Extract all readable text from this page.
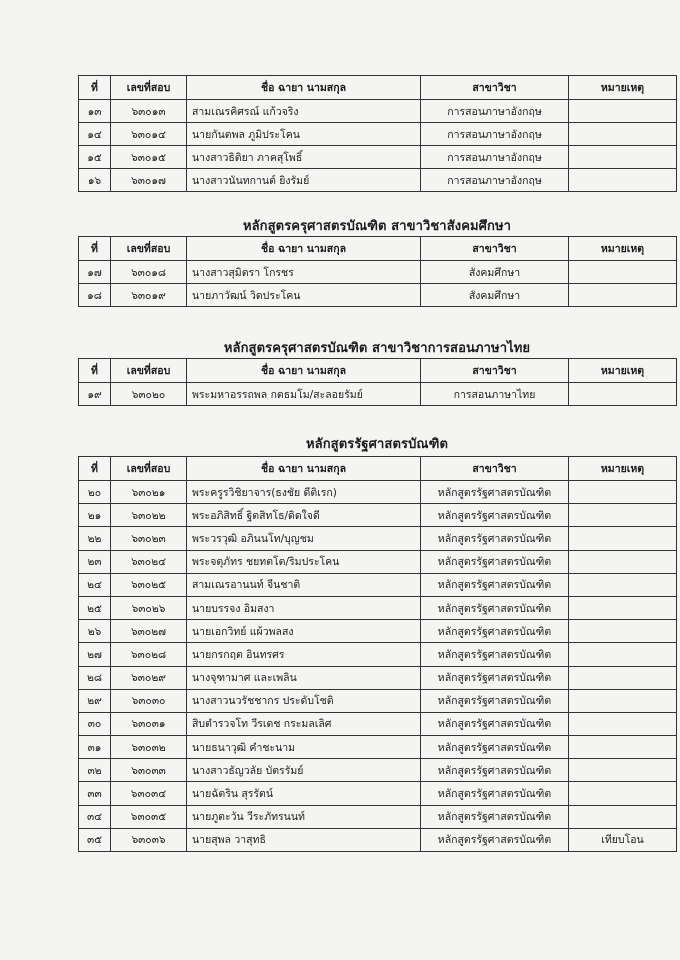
ที่	เลขที่สอบ	ชื่อ ฉายา นามสกุล	สาขาวิชา	หมายเหตุ
๑๓	๖๓๐๑๓	สามเณรคิศรณ์ แก้วจริง	การสอนภาษาอังกฤษ	
๑๔	๖๓๐๑๔	นายกันตพล ภูมิประโคน	การสอนภาษาอังกฤษ	
๑๕	๖๓๐๑๕	นางสาวธิติยา ภาคสุโพธิ์	การสอนภาษาอังกฤษ	
๑๖	๖๓๐๑๗	นางสาวนันทกานต์ ยิงรัมย์	การสอนภาษาอังกฤษ	
หลักสูตรครุศาสตรบัณฑิต สาขาวิชาสังคมศึกษา
ที่	เลขที่สอบ	ชื่อ ฉายา นามสกุล	สาขาวิชา	หมายเหตุ
๑๗	๖๓๐๑๘	นางสาวสุมิตรา โกรชร	สังคมศึกษา	
๑๘	๖๓๐๑๙	นายภาวัฒน์ วิดประโคน	สังคมศึกษา	
หลักสูตรครุศาสตรบัณฑิต สาขาวิชาการสอนภาษาไทย
ที่	เลขที่สอบ	ชื่อ ฉายา นามสกุล	สาขาวิชา	หมายเหตุ
๑๙	๖๓๐๒๐	พระมหาอรรถพล กตธมโม/สะลอยรัมย์	การสอนภาษาไทย	
หลักสูตรรัฐศาสตรบัณฑิต
ที่	เลขที่สอบ	ชื่อ ฉายา นามสกุล	สาขาวิชา	หมายเหตุ
๒๐	๖๓๐๒๑	พระครูรวิชิยาจาร(ธงชัย ดีติเรก)	หลักสูตรรัฐศาสตรบัณฑิต	
๒๑	๖๓๐๒๒	พระอภิสิทธิ์ ฐิตสิทโธ/ดิดใจดี	หลักสูตรรัฐศาสตรบัณฑิต	
๒๒	๖๓๐๒๓	พระวรวุฒิ อภินนโท/บุญชม	หลักสูตรรัฐศาสตรบัณฑิต	
๒๓	๖๓๐๒๔	พระจตุภัทร ชยทตโต/ริมประโคน	หลักสูตรรัฐศาสตรบัณฑิต	
๒๔	๖๓๐๒๕	สามเณรอานนท์ จีนชาติ	หลักสูตรรัฐศาสตรบัณฑิต	
๒๕	๖๓๐๒๖	นายบรรจง อิมสงา	หลักสูตรรัฐศาสตรบัณฑิต	
๒๖	๖๓๐๒๗	นายเอกวิทย์ แผ้วพลสง	หลักสูตรรัฐศาสตรบัณฑิต	
๒๗	๖๓๐๒๘	นายกรกฤต อินทรศร	หลักสูตรรัฐศาสตรบัณฑิต	
๒๘	๖๓๐๒๙	นางจุฑามาศ และเพลิน	หลักสูตรรัฐศาสตรบัณฑิต	
๒๙	๖๓๐๓๐	นางสาวนวรัชชากร ประดับโชติ	หลักสูตรรัฐศาสตรบัณฑิต	
๓๐	๖๓๐๓๑	สิบตำรวจโท วีรเดช กระมลเลิศ	หลักสูตรรัฐศาสตรบัณฑิต	
๓๑	๖๓๐๓๒	นายธนาวุฒิ คำชะนาม	หลักสูตรรัฐศาสตรบัณฑิต	
๓๒	๖๓๐๓๓	นางสาวธัญวลัย บัตรรัมย์	หลักสูตรรัฐศาสตรบัณฑิต	
๓๓	๖๓๐๓๔	นายฉัตริน สุรรัตน์	หลักสูตรรัฐศาสตรบัณฑิต	
๓๔	๖๓๐๓๕	นายภูตะวัน วีระภัทรนนท์	หลักสูตรรัฐศาสตรบัณฑิต	
๓๕	๖๓๐๓๖	นายสุพล วาสุทธิ	หลักสูตรรัฐศาสตรบัณฑิต	เทียบโอน
